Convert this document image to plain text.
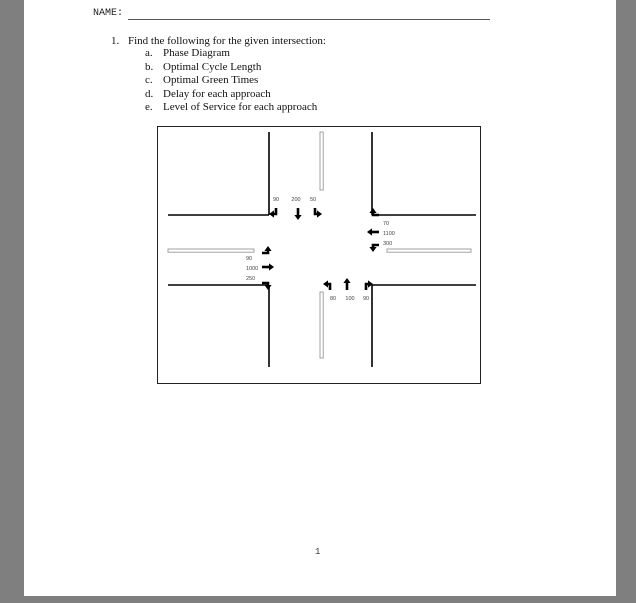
NAME:
1. Find the following for the given intersection:
a. Phase Diagram
b. Optimal Cycle Length
c. Optimal Green Times
d. Delay for each approach
e. Level of Service for each approach
90 200 50
70
1100
300
90
1000
250
80 100 90
1
